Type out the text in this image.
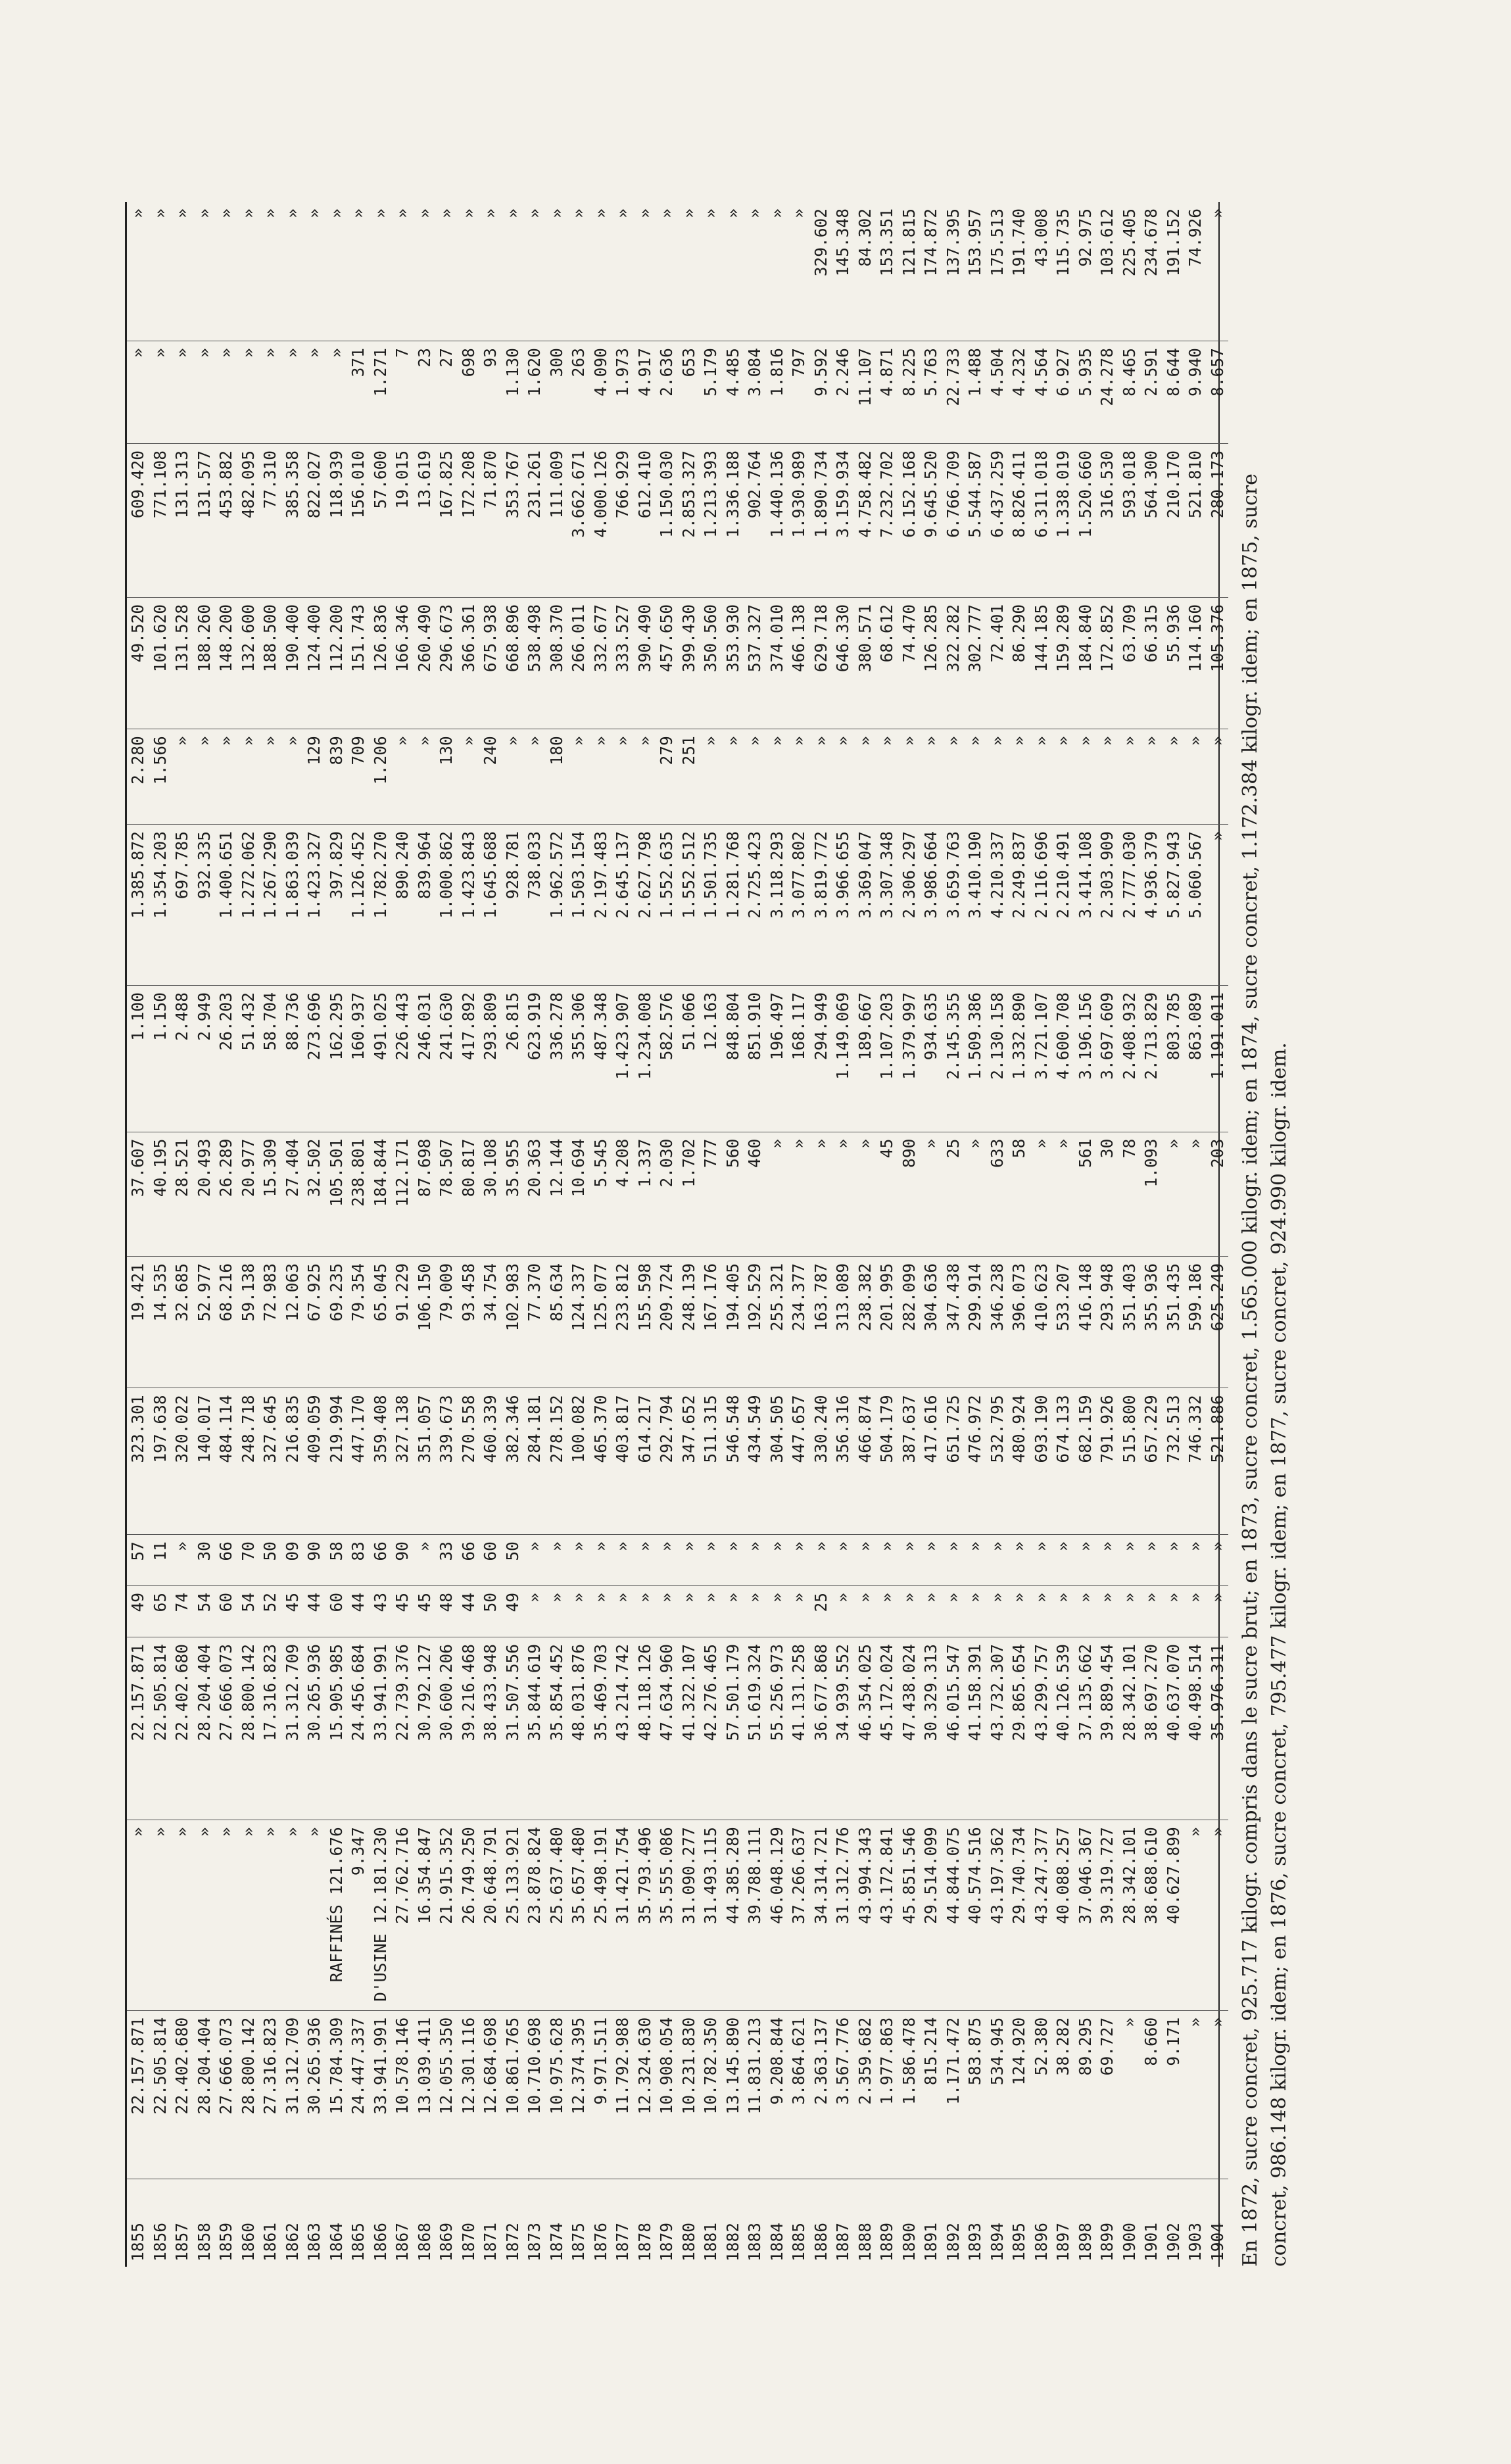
1855	22.157.871	»	22.157.871	49	57	323.301	19.421	37.607	1.100	1.385.872	2.280	49.520	609.420	»	»
1856	22.505.814	»	22.505.814	65	11	197.638	14.535	40.195	1.150	1.354.203	1.566	101.620	771.108	»	»
1857	22.402.680	»	22.402.680	74	»	320.022	32.685	28.521	2.488	697.785	»	131.528	131.313	»	»
1858	28.204.404	»	28.204.404	54	30	140.017	52.977	20.493	2.949	932.335	»	188.260	131.577	»	»
1859	27.666.073	»	27.666.073	60	66	484.114	68.216	26.289	26.203	1.400.651	»	148.200	453.882	»	»
1860	28.800.142	»	28.800.142	54	70	248.718	59.138	20.977	51.432	1.272.062	»	132.600	482.095	»	»
1861	27.316.823	»	17.316.823	52	50	327.645	72.983	15.309	58.704	1.267.290	»	188.500	77.310	»	»
1862	31.312.709	»	31.312.709	45	09	216.835	12.063	27.404	88.736	1.863.039	»	190.400	385.358	»	»
1863	30.265.936	»	30.265.936	44	90	409.059	67.925	32.502	273.696	1.423.327	129	124.400	822.027	»	»
1864	15.784.309	RAFFINÉS 121.676	15.905.985	60	58	219.994	69.235	105.501	162.295	397.829	839	112.200	118.939	»	»
1865	24.447.337	9.347	24.456.684	44	83	447.170	79.354	238.801	160.937	1.126.452	709	151.743	156.010	371	»
1866	33.941.991	D'USINE 12.181.230	33.941.991	43	66	359.408	65.045	184.844	491.025	1.782.270	1.206	126.836	57.600	1.271	»
1867	10.578.146	27.762.716	22.739.376	45	90	327.138	91.229	112.171	226.443	890.240	»	166.346	19.015	7	»
1868	13.039.411	16.354.847	30.792.127	45	»	351.057	106.150	87.698	246.031	839.964	»	260.490	13.619	23	»
1869	12.055.350	21.915.352	30.600.206	48	33	339.673	79.009	78.507	241.630	1.000.862	130	296.673	167.825	27	»
1870	12.301.116	26.749.250	39.216.468	44	66	270.558	93.458	80.817	417.892	1.423.843	»	366.361	172.208	698	»
1871	12.684.698	20.648.791	38.433.948	50	60	460.339	34.754	30.108	293.809	1.645.688	240	675.938	71.870	93	»
1872	10.861.765	25.133.921	31.507.556	49	50	382.346	102.983	35.955	26.815	928.781	»	668.896	353.767	1.130	»
1873	10.710.698	23.878.824	35.844.619	»	»	284.181	77.370	20.363	623.919	738.033	»	538.498	231.261	1.620	»
1874	10.975.628	25.637.480	35.854.452	»	»	278.152	85.634	12.144	336.278	1.962.572	180	308.370	111.009	300	»
1875	12.374.395	35.657.480	48.031.876	»	»	100.082	124.337	10.694	355.306	1.503.154	»	266.011	3.662.671	263	»
1876	9.971.511	25.498.191	35.469.703	»	»	465.370	125.077	5.545	487.348	2.197.483	»	332.677	4.000.126	4.090	»
1877	11.792.988	31.421.754	43.214.742	»	»	403.817	233.812	4.208	1.423.907	2.645.137	»	333.527	766.929	1.973	»
1878	12.324.630	35.793.496	48.118.126	»	»	614.217	155.598	1.337	1.234.008	2.627.798	»	390.490	612.410	4.917	»
1879	10.908.054	35.555.086	47.634.960	»	»	292.794	209.724	2.030	582.576	1.552.635	279	457.650	1.150.030	2.636	»
1880	10.231.830	31.090.277	41.322.107	»	»	347.652	248.139	1.702	51.066	1.552.512	251	399.430	2.853.327	653	»
1881	10.782.350	31.493.115	42.276.465	»	»	511.315	167.176	777	12.163	1.501.735	»	350.560	1.213.393	5.179	»
1882	13.145.890	44.385.289	57.501.179	»	»	546.548	194.405	560	848.804	1.281.768	»	353.930	1.336.188	4.485	»
1883	11.831.213	39.788.111	51.619.324	»	»	434.549	192.529	460	851.910	2.725.423	»	537.327	902.764	3.084	»
1884	9.208.844	46.048.129	55.256.973	»	»	304.505	255.321	»	196.497	3.118.293	»	374.010	1.440.136	1.816	»
1885	3.864.621	37.266.637	41.131.258	»	»	447.657	234.377	»	168.117	3.077.802	»	466.138	1.930.989	797	»
1886	2.363.137	34.314.721	36.677.868	25	»	330.240	163.787	»	294.949	3.819.772	»	629.718	1.890.734	9.592	329.602
1887	3.567.776	31.312.776	34.939.552	»	»	356.316	313.089	»	1.149.069	3.966.655	»	646.330	3.159.934	2.246	145.348
1888	2.359.682	43.994.343	46.354.025	»	»	466.874	238.382	»	189.667	3.369.047	»	380.571	4.758.482	11.107	84.302
1889	1.977.863	43.172.841	45.172.024	»	»	504.179	201.995	45	1.107.203	3.307.348	»	68.612	7.232.702	4.871	153.351
1890	1.586.478	45.851.546	47.438.024	»	»	387.637	282.099	890	1.379.997	2.306.297	»	74.470	6.152.168	8.225	121.815
1891	815.214	29.514.099	30.329.313	»	»	417.616	304.636	»	934.635	3.986.664	»	126.285	9.645.520	5.763	174.872
1892	1.171.472	44.844.075	46.015.547	»	»	651.725	347.438	25	2.145.355	3.659.763	»	322.282	6.766.709	22.733	137.395
1893	583.875	40.574.516	41.158.391	»	»	476.972	299.914	»	1.509.386	3.410.190	»	302.777	5.544.587	1.488	153.957
1894	534.945	43.197.362	43.732.307	»	»	532.795	346.238	633	2.130.158	4.210.337	»	72.401	6.437.259	4.504	175.513
1895	124.920	29.740.734	29.865.654	»	»	480.924	396.073	58	1.332.890	2.249.837	»	86.290	8.826.411	4.232	191.740
1896	52.380	43.247.377	43.299.757	»	»	693.190	410.623	»	3.721.107	2.116.696	»	144.185	6.311.018	4.564	43.008
1897	38.282	40.088.257	40.126.539	»	»	674.133	533.207	»	4.600.708	2.210.491	»	159.289	1.338.019	6.927	115.735
1898	89.295	37.046.367	37.135.662	»	»	682.159	416.148	561	3.196.156	3.414.108	»	184.840	1.520.660	5.935	92.975
1899	69.727	39.319.727	39.889.454	»	»	791.926	293.948	30	3.697.609	2.303.909	»	172.852	316.530	24.278	103.612
1900	»	28.342.101	28.342.101	»	»	515.800	351.403	78	2.408.932	2.777.030	»	63.709	593.018	8.465	225.405
1901	8.660	38.688.610	38.697.270	»	»	657.229	355.936	1.093	2.713.829	4.936.379	»	66.315	564.300	2.591	234.678
1902	9.171	40.627.899	40.637.070	»	»	732.513	351.435	»	803.785	5.827.943	»	55.936	210.170	8.644	191.152
1903	»	»	40.498.514	»	»	746.332	599.186	»	863.089	5.060.567	»	114.160	521.810	9.940	74.926
1904	»	»	35.976.311	»	»	521.886	625.249	203	1.191.011	»	»	105.376	280.173	8.657	»
En 1872, sucre concret, 925.717 kilogr. compris dans le sucre brut; en 1873, sucre concret, 1.565.000 kilogr. idem; en 1874, sucre concret, 1.172.384 kilogr. idem; en 1875, sucre concret, 986.148 kilogr. idem; en 1876, sucre concret, 795.477 kilogr. idem; en 1877, sucre concret, 924.990 kilogr. idem.
